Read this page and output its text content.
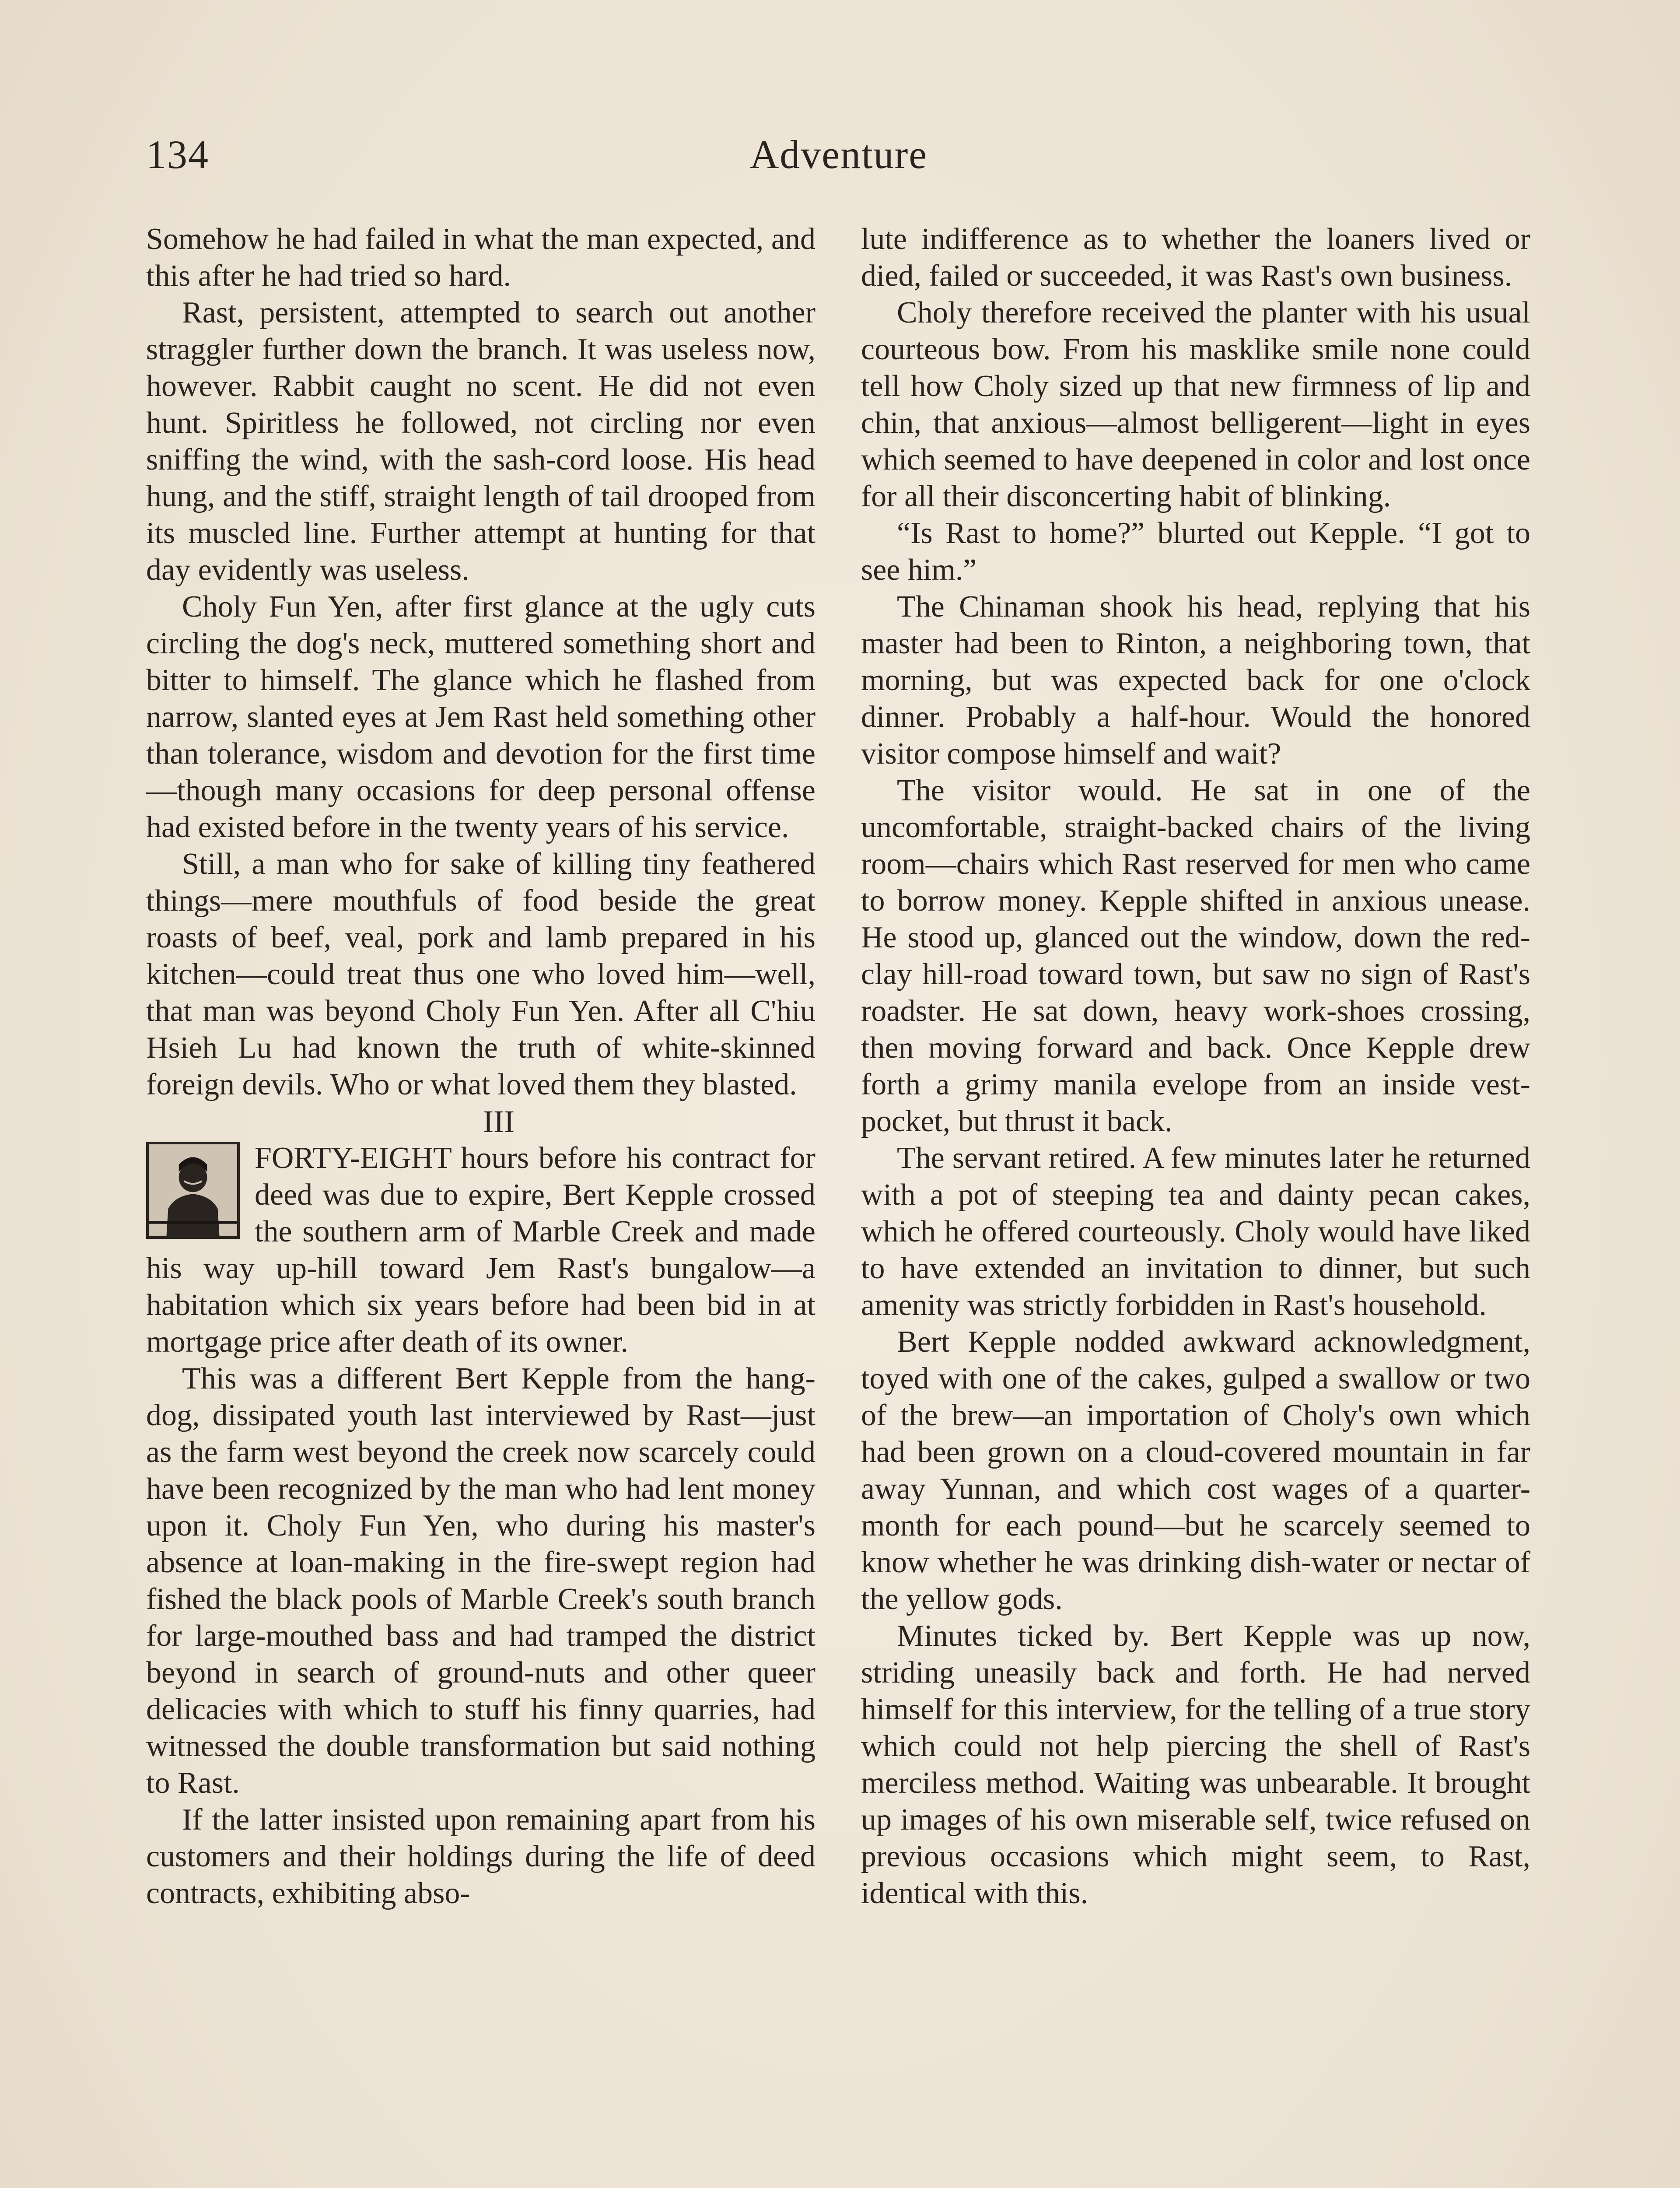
134	Adventure

Somehow he had failed in what the man expected, and this after he had tried so hard.

Rast, persistent, attempted to search out another straggler further down the branch. It was useless now, however. Rabbit caught no scent. He did not even hunt. Spiritless he followed, not circling nor even sniffing the wind, with the sash-cord loose. His head hung, and the stiff, straight length of tail drooped from its muscled line. Further attempt at hunting for that day evidently was useless.

Choly Fun Yen, after first glance at the ugly cuts circling the dog's neck, muttered something short and bitter to himself. The glance which he flashed from narrow, slanted eyes at Jem Rast held something other than tolerance, wisdom and devotion for the first time—though many occasions for deep personal offense had existed before in the twenty years of his service.

Still, a man who for sake of killing tiny feathered things—mere mouthfuls of food beside the great roasts of beef, veal, pork and lamb prepared in his kitchen—could treat thus one who loved him—well, that man was beyond Choly Fun Yen. After all C'hiu Hsieh Lu had known the truth of white-skinned foreign devils. Who or what loved them they blasted.

III

FORTY-EIGHT hours before his contract for deed was due to expire, Bert Kepple crossed the southern arm of Marble Creek and made his way up-hill toward Jem Rast's bungalow—a habitation which six years before had been bid in at mortgage price after death of its owner.

This was a different Bert Kepple from the hang-dog, dissipated youth last interviewed by Rast—just as the farm west beyond the creek now scarcely could have been recognized by the man who had lent money upon it. Choly Fun Yen, who during his master's absence at loan-making in the fire-swept region had fished the black pools of Marble Creek's south branch for large-mouthed bass and had tramped the district beyond in search of ground-nuts and other queer delicacies with which to stuff his finny quarries, had witnessed the double transformation but said nothing to Rast.

If the latter insisted upon remaining apart from his customers and their holdings during the life of deed contracts, exhibiting abso-

lute indifference as to whether the loaners lived or died, failed or succeeded, it was Rast's own business.

Choly therefore received the planter with his usual courteous bow. From his masklike smile none could tell how Choly sized up that new firmness of lip and chin, that anxious—almost belligerent—light in eyes which seemed to have deepened in color and lost once for all their disconcerting habit of blinking.

“Is Rast to home?” blurted out Kepple. “I got to see him.”

The Chinaman shook his head, replying that his master had been to Rinton, a neighboring town, that morning, but was expected back for one o'clock dinner. Probably a half-hour. Would the honored visitor compose himself and wait?

The visitor would. He sat in one of the uncomfortable, straight-backed chairs of the living room—chairs which Rast reserved for men who came to borrow money. Kepple shifted in anxious unease. He stood up, glanced out the window, down the red-clay hill-road toward town, but saw no sign of Rast's roadster. He sat down, heavy work-shoes crossing, then moving forward and back. Once Kepple drew forth a grimy manila evelope from an inside vest-pocket, but thrust it back.

The servant retired. A few minutes later he returned with a pot of steeping tea and dainty pecan cakes, which he offered courteously. Choly would have liked to have extended an invitation to dinner, but such amenity was strictly forbidden in Rast's household.

Bert Kepple nodded awkward acknowledgment, toyed with one of the cakes, gulped a swallow or two of the brew—an importation of Choly's own which had been grown on a cloud-covered mountain in far away Yunnan, and which cost wages of a quarter-month for each pound—but he scarcely seemed to know whether he was drinking dish-water or nectar of the yellow gods.

Minutes ticked by. Bert Kepple was up now, striding uneasily back and forth. He had nerved himself for this interview, for the telling of a true story which could not help piercing the shell of Rast's merciless method. Waiting was unbearable. It brought up images of his own miserable self, twice refused on previous occasions which might seem, to Rast, identical with this.
